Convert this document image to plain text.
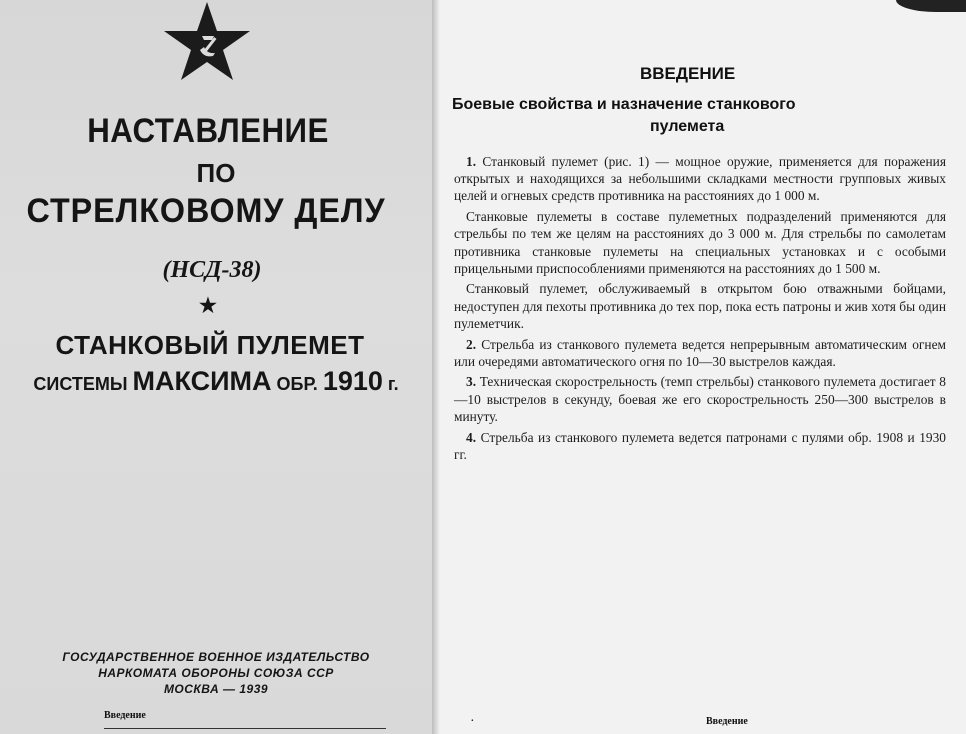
НАСТАВЛЕНИЕ
ПО
СТРЕЛКОВОМУ ДЕЛУ
(НСД-38)
★
СТАНКОВЫЙ ПУЛЕМЕТ
СИСТЕМЫ МАКСИМА ОБР. 1910 г.
ГОСУДАРСТВЕННОЕ ВОЕННОЕ ИЗДАТЕЛЬСТВО
НАРКОМАТА ОБОРОНЫ СОЮЗА ССР
МОСКВА — 1939
Введение
ВВЕДЕНИЕ
Боевые свойства и назначение станкового
пулемета

1. Станковый пулемет (рис. 1) — мощное оружие, применяется для поражения открытых и находящихся за небольшими складками местности групповых живых целей и огневых средств противника на расстояниях до 1 000 м.

Станковые пулеметы в составе пулеметных подразделений применяются для стрельбы по тем же целям на расстояниях до 3 000 м. Для стрельбы по самолетам противника станковые пулеметы на специальных установках и с особыми прицельными приспособлениями применяются на расстояниях до 1 500 м.

Станковый пулемет, обслуживаемый в открытом бою отважными бойцами, недоступен для пехоты противника до тех пор, пока есть патроны и жив хотя бы один пулеметчик.

2. Стрельба из станкового пулемета ведется непрерывным автоматическим огнем или очередями автоматического огня по 10—30 выстрелов каждая.

3. Техническая скорострельность (темп стрельбы) станкового пулемета достигает 8—10 выстрелов в секунду, боевая же его скорострельность 250—300 выстрелов в минуту.

4. Стрельба из станкового пулемета ведется патронами с пулями обр. 1908 и 1930 гг.

·	Введение
